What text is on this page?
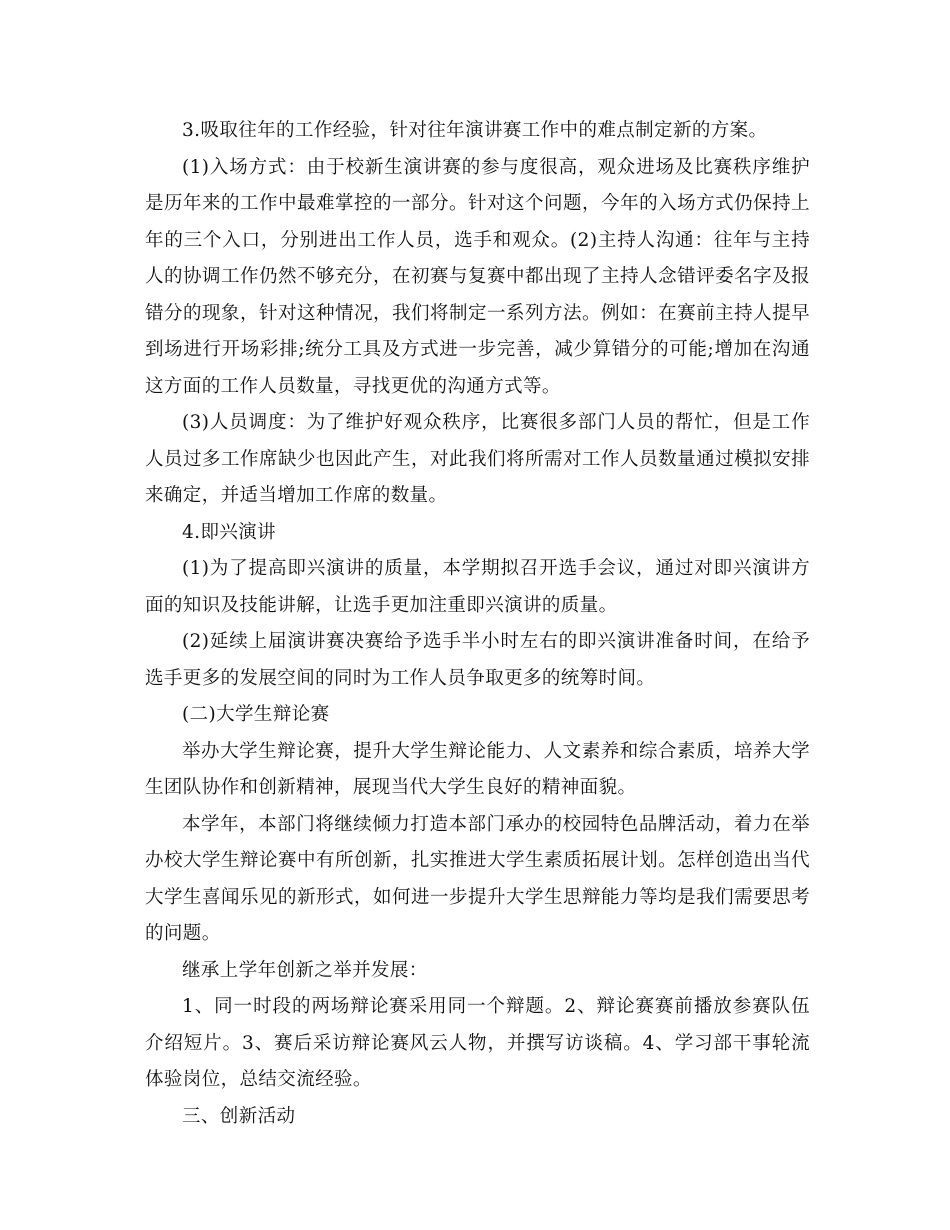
3.吸取往年的工作经验，针对往年演讲赛工作中的难点制定新的方案。

(1)入场方式：由于校新生演讲赛的参与度很高，观众进场及比赛秩序维护是历年来的工作中最难掌控的一部分。针对这个问题，今年的入场方式仍保持上年的三个入口，分别进出工作人员，选手和观众。(2)主持人沟通：往年与主持人的协调工作仍然不够充分，在初赛与复赛中都出现了主持人念错评委名字及报错分的现象，针对这种情况，我们将制定一系列方法。例如：在赛前主持人提早到场进行开场彩排;统分工具及方式进一步完善，减少算错分的可能;增加在沟通这方面的工作人员数量，寻找更优的沟通方式等。

(3)人员调度：为了维护好观众秩序，比赛很多部门人员的帮忙，但是工作人员过多工作席缺少也因此产生，对此我们将所需对工作人员数量通过模拟安排来确定，并适当增加工作席的数量。

4.即兴演讲

(1)为了提高即兴演讲的质量，本学期拟召开选手会议，通过对即兴演讲方面的知识及技能讲解，让选手更加注重即兴演讲的质量。

(2)延续上届演讲赛决赛给予选手半小时左右的即兴演讲准备时间，在给予选手更多的发展空间的同时为工作人员争取更多的统筹时间。

(二)大学生辩论赛

举办大学生辩论赛，提升大学生辩论能力、人文素养和综合素质，培养大学生团队协作和创新精神，展现当代大学生良好的精神面貌。

本学年，本部门将继续倾力打造本部门承办的校园特色品牌活动，着力在举办校大学生辩论赛中有所创新，扎实推进大学生素质拓展计划。怎样创造出当代大学生喜闻乐见的新形式，如何进一步提升大学生思辩能力等均是我们需要思考的问题。

继承上学年创新之举并发展：

1、同一时段的两场辩论赛采用同一个辩题。2、辩论赛赛前播放参赛队伍介绍短片。3、赛后采访辩论赛风云人物，并撰写访谈稿。4、学习部干事轮流体验岗位，总结交流经验。

三、创新活动
